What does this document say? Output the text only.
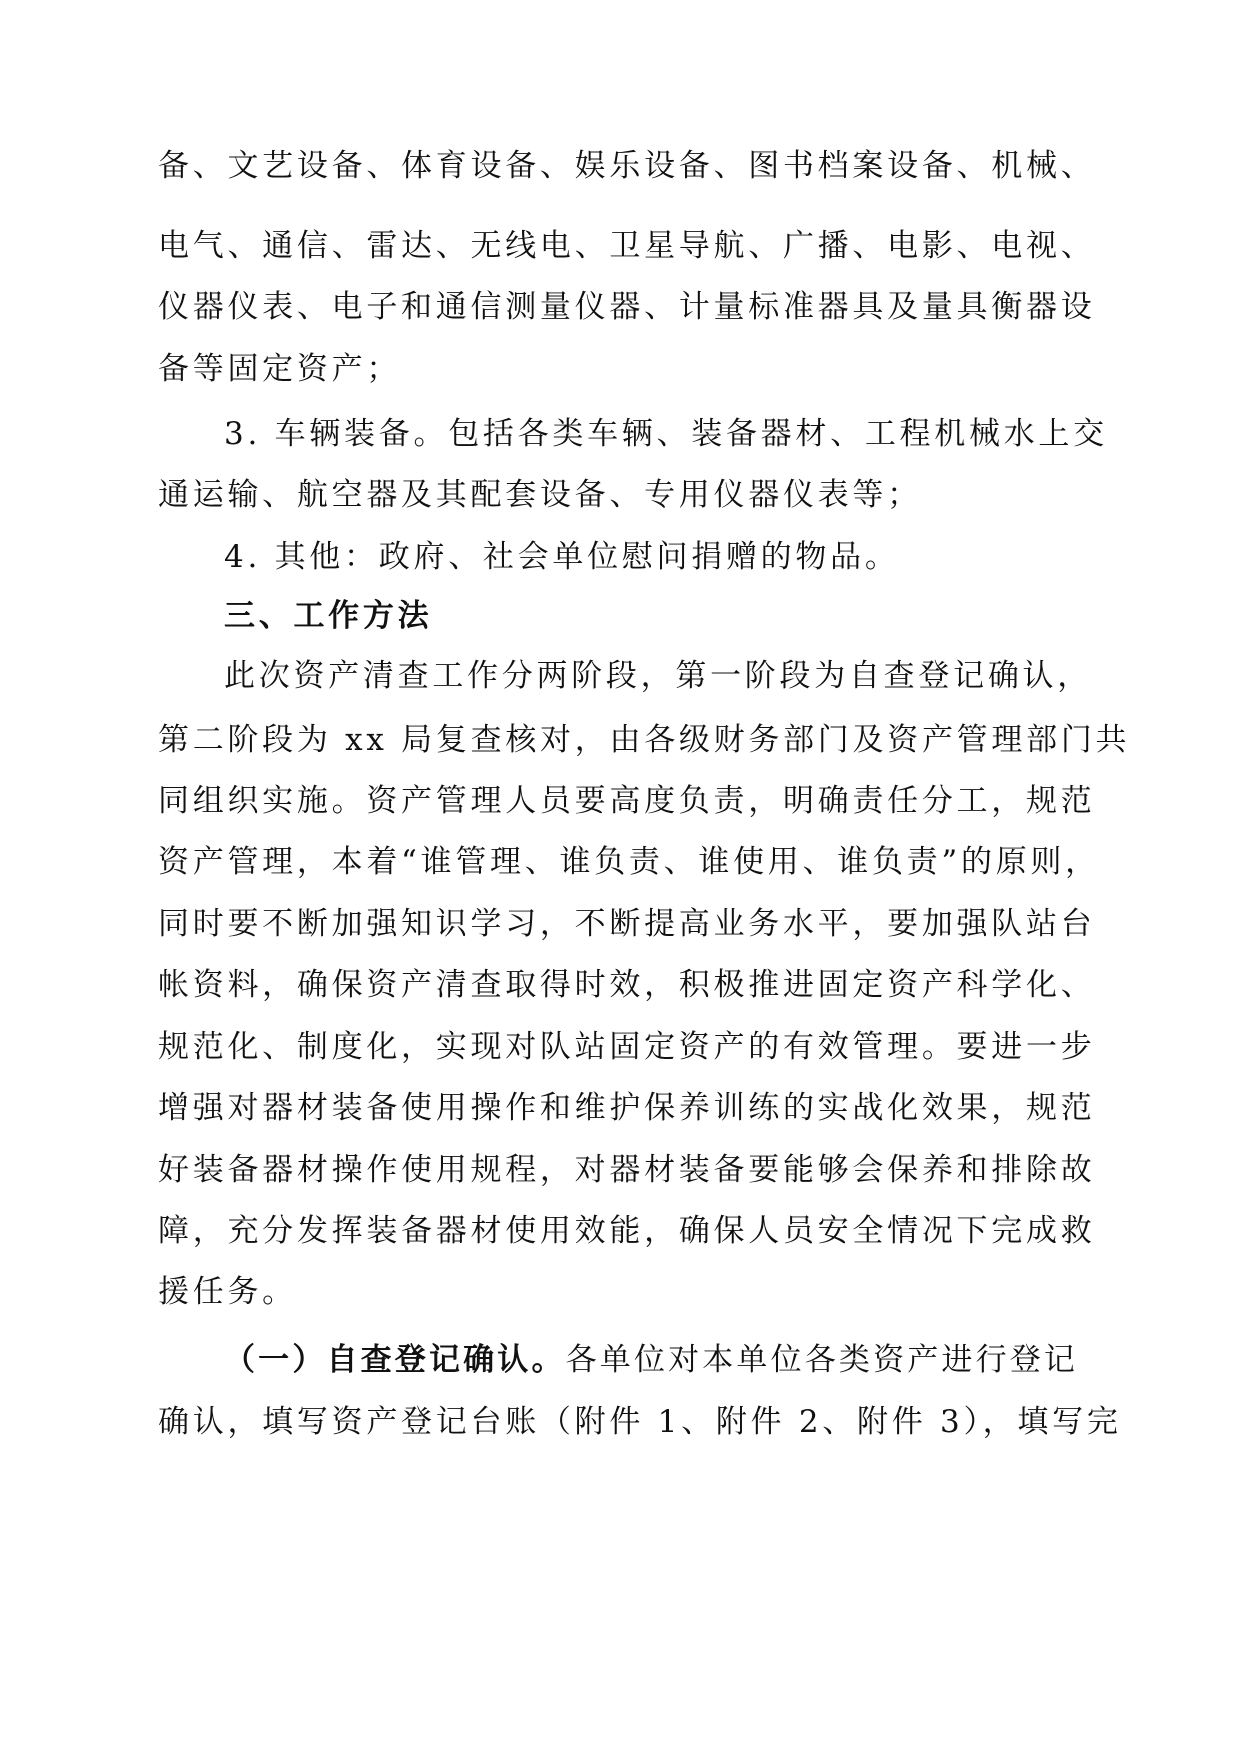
备、文艺设备、体育设备、娱乐设备、图书档案设备、机械、
电气、通信、雷达、无线电、卫星导航、广播、电影、电视、
仪器仪表、电子和通信测量仪器、计量标准器具及量具衡器设
备等固定资产；
3. 车辆装备。包括各类车辆、装备器材、工程机械水上交
通运输、航空器及其配套设备、专用仪器仪表等；
4. 其他：政府、社会单位慰问捐赠的物品。
三、工作方法
此次资产清查工作分两阶段，第一阶段为自查登记确认，
第二阶段为 xx 局复查核对，由各级财务部门及资产管理部门共
同组织实施。资产管理人员要高度负责，明确责任分工，规范
资产管理，本着“谁管理、谁负责、谁使用、谁负责”的原则，
同时要不断加强知识学习，不断提高业务水平，要加强队站台
帐资料，确保资产清查取得时效，积极推进固定资产科学化、
规范化、制度化，实现对队站固定资产的有效管理。要进一步
增强对器材装备使用操作和维护保养训练的实战化效果，规范
好装备器材操作使用规程，对器材装备要能够会保养和排除故
障，充分发挥装备器材使用效能，确保人员安全情况下完成救
援任务。
（一）自查登记确认。各单位对本单位各类资产进行登记
确认，填写资产登记台账（附件 1、附件 2、附件 3），填写完
